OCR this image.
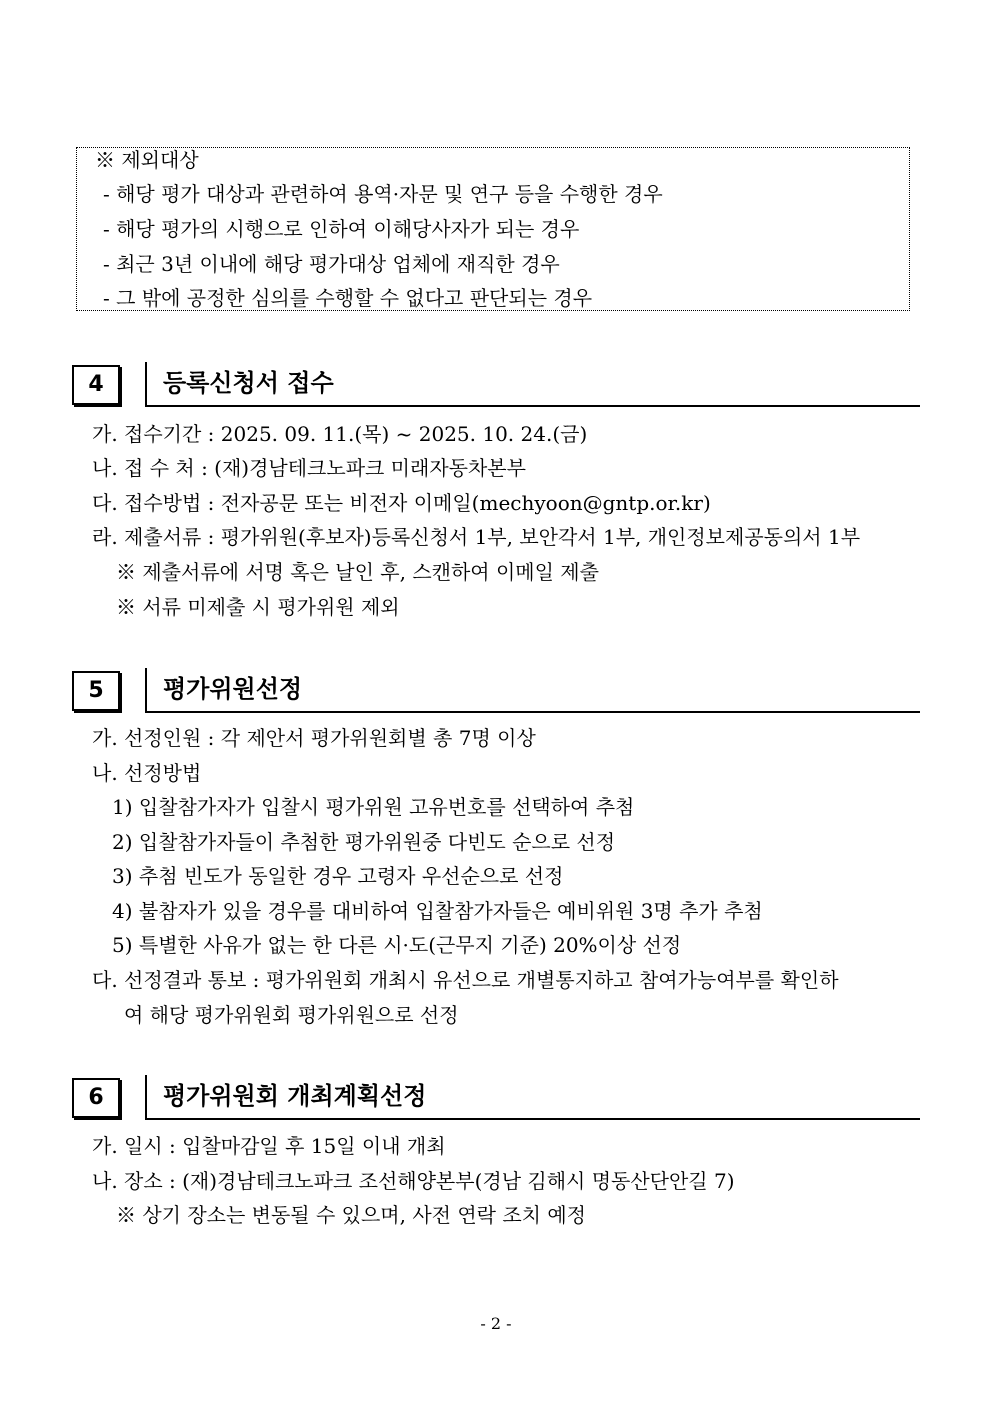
※ 제외대상
- 해당 평가 대상과 관련하여 용역·자문 및 연구 등을 수행한 경우
- 해당 평가의 시행으로 인하여 이해당사자가 되는 경우
- 최근 3년 이내에 해당 평가대상 업체에 재직한 경우
- 그 밖에 공정한 심의를 수행할 수 없다고 판단되는 경우
4	등록신청서 접수
가. 접수기간 : 2025. 09. 11.(목) ~ 2025. 10. 24.(금)
나. 접 수 처 : (재)경남테크노파크 미래자동차본부
다. 접수방법 : 전자공문 또는 비전자 이메일(mechyoon@gntp.or.kr)
라. 제출서류 : 평가위원(후보자)등록신청서 1부, 보안각서 1부, 개인정보제공동의서 1부
※ 제출서류에 서명 혹은 날인 후, 스캔하여 이메일 제출
※ 서류 미제출 시 평가위원 제외
5	평가위원선정
가. 선정인원 : 각 제안서 평가위원회별 총 7명 이상
나. 선정방법
1) 입찰참가자가 입찰시 평가위원 고유번호를 선택하여 추첨
2) 입찰참가자들이 추첨한 평가위원중 다빈도 순으로 선정
3) 추첨 빈도가 동일한 경우 고령자 우선순으로 선정
4) 불참자가 있을 경우를 대비하여 입찰참가자들은 예비위원 3명 추가 추첨
5) 특별한 사유가 없는 한 다른 시·도(근무지 기준) 20%이상 선정
다. 선정결과 통보 : 평가위원회 개최시 유선으로 개별통지하고 참여가능여부를 확인하
여 해당 평가위원회 평가위원으로 선정
6	평가위원회 개최계획선정
가. 일시 : 입찰마감일 후 15일 이내 개최
나. 장소 : (재)경남테크노파크 조선해양본부(경남 김해시 명동산단안길 7)
※ 상기 장소는 변동될 수 있으며, 사전 연락 조치 예정
- 2 -
